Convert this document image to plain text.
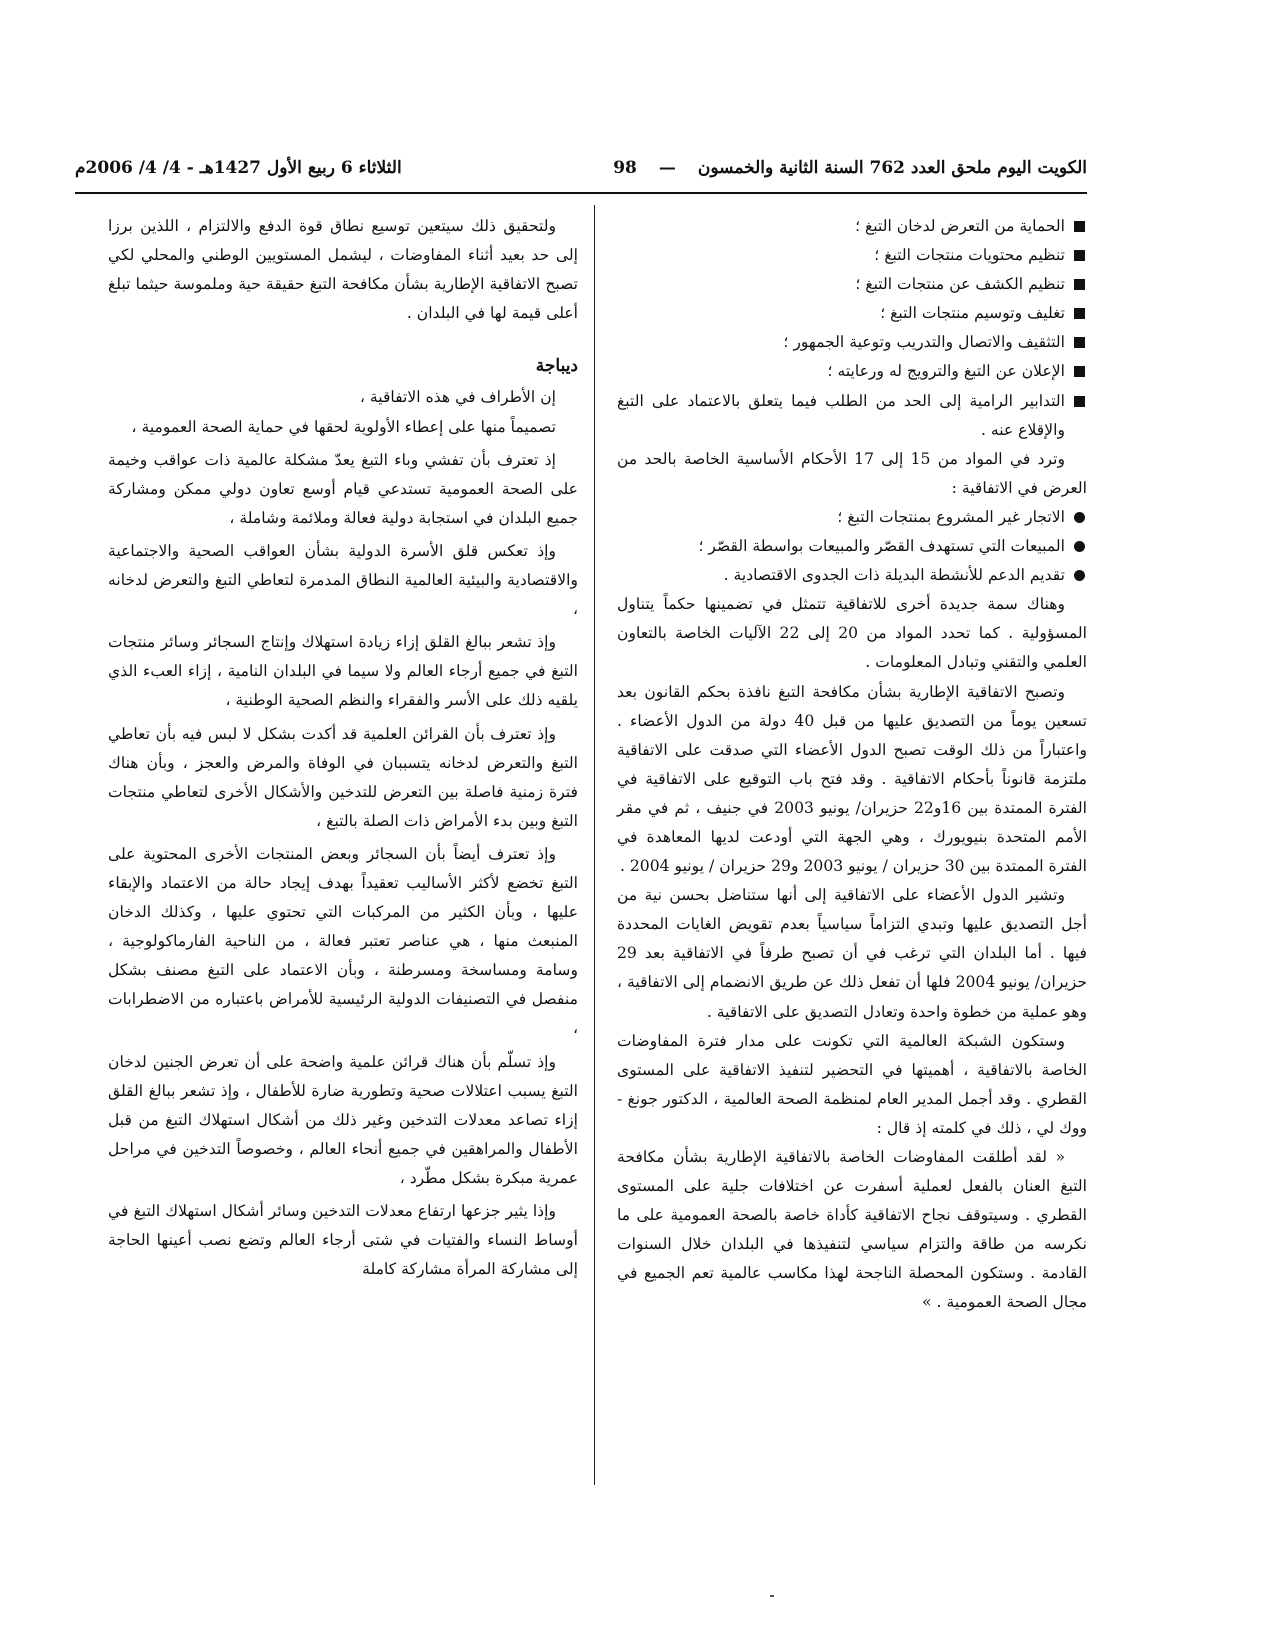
الكويت اليوم ملحق العدد 762 السنة الثانية والخمسون
—
98
الثلاثاء 6 ربيع الأول 1427هـ - 4/ 4/ 2006م
الحماية من التعرض لدخان التبغ ؛
تنظيم محتويات منتجات التبغ ؛
تنظيم الكشف عن منتجات التبغ ؛
تغليف وتوسيم منتجات التبغ ؛
التثقيف والاتصال والتدريب وتوعية الجمهور ؛
الإعلان عن التبغ والترويج له ورعايته ؛
التدابير الرامية إلى الحد من الطلب فيما يتعلق بالاعتماد على التبغ والإقلاع عنه .

وترد في المواد من 15 إلى 17 الأحكام الأساسية الخاصة بالحد من العرض في الاتفاقية :

الاتجار غير المشروع بمنتجات التبغ ؛
المبيعات التي تستهدف القصّر والمبيعات بواسطة القصّر ؛
تقديم الدعم للأنشطة البديلة ذات الجدوى الاقتصادية .

وهناك سمة جديدة أخرى للاتفاقية تتمثل في تضمينها حكماً يتناول المسؤولية . كما تحدد المواد من 20 إلى 22 الآليات الخاصة بالتعاون العلمي والتقني وتبادل المعلومات .

وتصبح الاتفاقية الإطارية بشأن مكافحة التبغ نافذة بحكم القانون بعد تسعين يوماً من التصديق عليها من قبل 40 دولة من الدول الأعضاء . واعتباراً من ذلك الوقت تصبح الدول الأعضاء التي صدقت على الاتفاقية ملتزمة قانوناً بأحكام الاتفاقية . وقد فتح باب التوقيع على الاتفاقية في الفترة الممتدة بين 16و22 حزيران/ يونيو 2003 في جنيف ، ثم في مقر الأمم المتحدة بنيويورك ، وهي الجهة التي أودعت لديها المعاهدة في الفترة الممتدة بين 30 حزيران / يونيو 2003 و29 حزيران / يونيو 2004 .

وتشير الدول الأعضاء على الاتفاقية إلى أنها ستناضل بحسن نية من أجل التصديق عليها وتبدي التزاماً سياسياً بعدم تقويض الغايات المحددة فيها . أما البلدان التي ترغب في أن تصبح طرفاً في الاتفاقية بعد 29 حزيران/ يونيو 2004 فلها أن تفعل ذلك عن طريق الانضمام إلى الاتفاقية ، وهو عملية من خطوة واحدة وتعادل التصديق على الاتفاقية .

وستكون الشبكة العالمية التي تكونت على مدار فترة المفاوضات الخاصة بالاتفاقية ، أهميتها في التحضير لتنفيذ الاتفاقية على المستوى القطري . وقد أجمل المدير العام لمنظمة الصحة العالمية ، الدكتور جونغ - ووك لي ، ذلك في كلمته إذ قال :

« لقد أطلقت المفاوضات الخاصة بالاتفاقية الإطارية بشأن مكافحة التبغ العنان بالفعل لعملية أسفرت عن اختلافات جلية على المستوى القطري . وسيتوقف نجاح الاتفاقية كأداة خاصة بالصحة العمومية على ما نكرسه من طاقة والتزام سياسي لتنفيذها في البلدان خلال السنوات القادمة . وستكون المحصلة الناجحة لهذا مكاسب عالمية تعم الجميع في مجال الصحة العمومية . »

ولتحقيق ذلك سيتعين توسيع نطاق قوة الدفع والالتزام ، اللذين برزا إلى حد بعيد أثناء المفاوضات ، ليشمل المستويين الوطني والمحلي لكي تصبح الاتفاقية الإطارية بشأن مكافحة التبغ حقيقة حية وملموسة حيثما تبلغ أعلى قيمة لها في البلدان .

ديباجة

إن الأطراف في هذه الاتفاقية ،

تصميماً منها على إعطاء الأولوية لحقها في حماية الصحة العمومية ،

إذ تعترف بأن تفشي وباء التبغ يعدّ مشكلة عالمية ذات عواقب وخيمة على الصحة العمومية تستدعي قيام أوسع تعاون دولي ممكن ومشاركة جميع البلدان في استجابة دولية فعالة وملائمة وشاملة ،

وإذ تعكس قلق الأسرة الدولية بشأن العواقب الصحية والاجتماعية والاقتصادية والبيئية العالمية النطاق المدمرة لتعاطي التبغ والتعرض لدخانه ،

وإذ تشعر ببالغ القلق إزاء زيادة استهلاك وإنتاج السجائر وسائر منتجات التبغ في جميع أرجاء العالم ولا سيما في البلدان النامية ، إزاء العبء الذي يلقيه ذلك على الأسر والفقراء والنظم الصحية الوطنية ،

وإذ تعترف بأن القرائن العلمية قد أكدت بشكل لا لبس فيه بأن تعاطي التبغ والتعرض لدخانه يتسببان في الوفاة والمرض والعجز ، وبأن هناك فترة زمنية فاصلة بين التعرض للتدخين والأشكال الأخرى لتعاطي منتجات التبغ وبين بدء الأمراض ذات الصلة بالتبغ ،

وإذ تعترف أيضاً بأن السجائر وبعض المنتجات الأخرى المحتوية على التبغ تخضع لأكثر الأساليب تعقيداً بهدف إيجاد حالة من الاعتماد والإبقاء عليها ، وبأن الكثير من المركبات التي تحتوي عليها ، وكذلك الدخان المنبعث منها ، هي عناصر تعتبر فعالة ، من الناحية الفارماكولوجية ، وسامة ومساسخة ومسرطنة ، وبأن الاعتماد على التبغ مصنف بشكل منفصل في التصنيفات الدولية الرئيسية للأمراض باعتباره من الاضطرابات ،

وإذ تسلّم بأن هناك قرائن علمية واضحة على أن تعرض الجنين لدخان التبغ يسبب اعتلالات صحية وتطورية ضارة للأطفال ، وإذ تشعر ببالغ القلق إزاء تصاعد معدلات التدخين وغير ذلك من أشكال استهلاك التبغ من قبل الأطفال والمراهقين في جميع أنحاء العالم ، وخصوصاً التدخين في مراحل عمرية مبكرة بشكل مطّرد ،

وإذا يثير جزعها ارتفاع معدلات التدخين وسائر أشكال استهلاك التبغ في أوساط النساء والفتيات في شتى أرجاء العالم وتضع نصب أعينها الحاجة إلى مشاركة المرأة مشاركة كاملة
